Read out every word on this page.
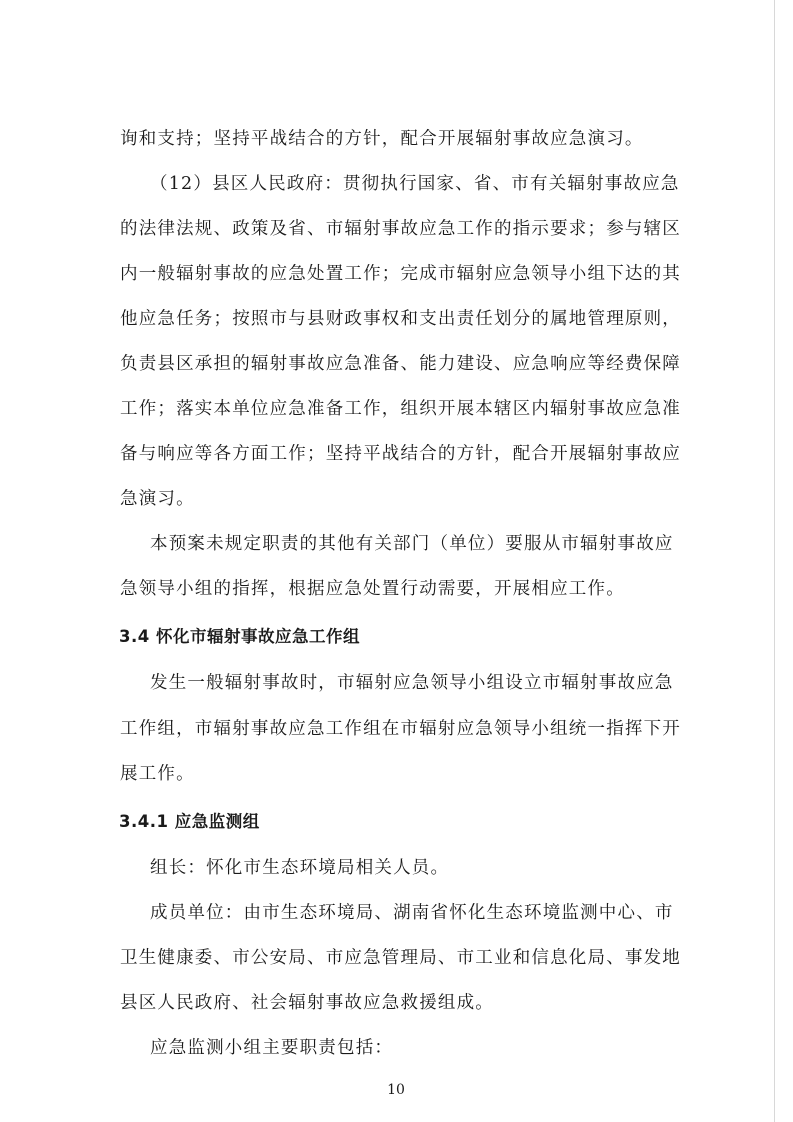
询和支持；坚持平战结合的方针，配合开展辐射事故应急演习。
（12）县区人民政府：贯彻执行国家、省、市有关辐射事故应急
的法律法规、政策及省、市辐射事故应急工作的指示要求；参与辖区
内一般辐射事故的应急处置工作；完成市辐射应急领导小组下达的其
他应急任务；按照市与县财政事权和支出责任划分的属地管理原则，
负责县区承担的辐射事故应急准备、能力建设、应急响应等经费保障
工作；落实本单位应急准备工作，组织开展本辖区内辐射事故应急准
备与响应等各方面工作；坚持平战结合的方针，配合开展辐射事故应
急演习。
本预案未规定职责的其他有关部门（单位）要服从市辐射事故应
急领导小组的指挥，根据应急处置行动需要，开展相应工作。
3.4 怀化市辐射事故应急工作组
发生一般辐射事故时，市辐射应急领导小组设立市辐射事故应急
工作组，市辐射事故应急工作组在市辐射应急领导小组统一指挥下开
展工作。
3.4.1 应急监测组
组长：怀化市生态环境局相关人员。
成员单位：由市生态环境局、湖南省怀化生态环境监测中心、市
卫生健康委、市公安局、市应急管理局、市工业和信息化局、事发地
县区人民政府、社会辐射事故应急救援组成。
应急监测小组主要职责包括：
10
